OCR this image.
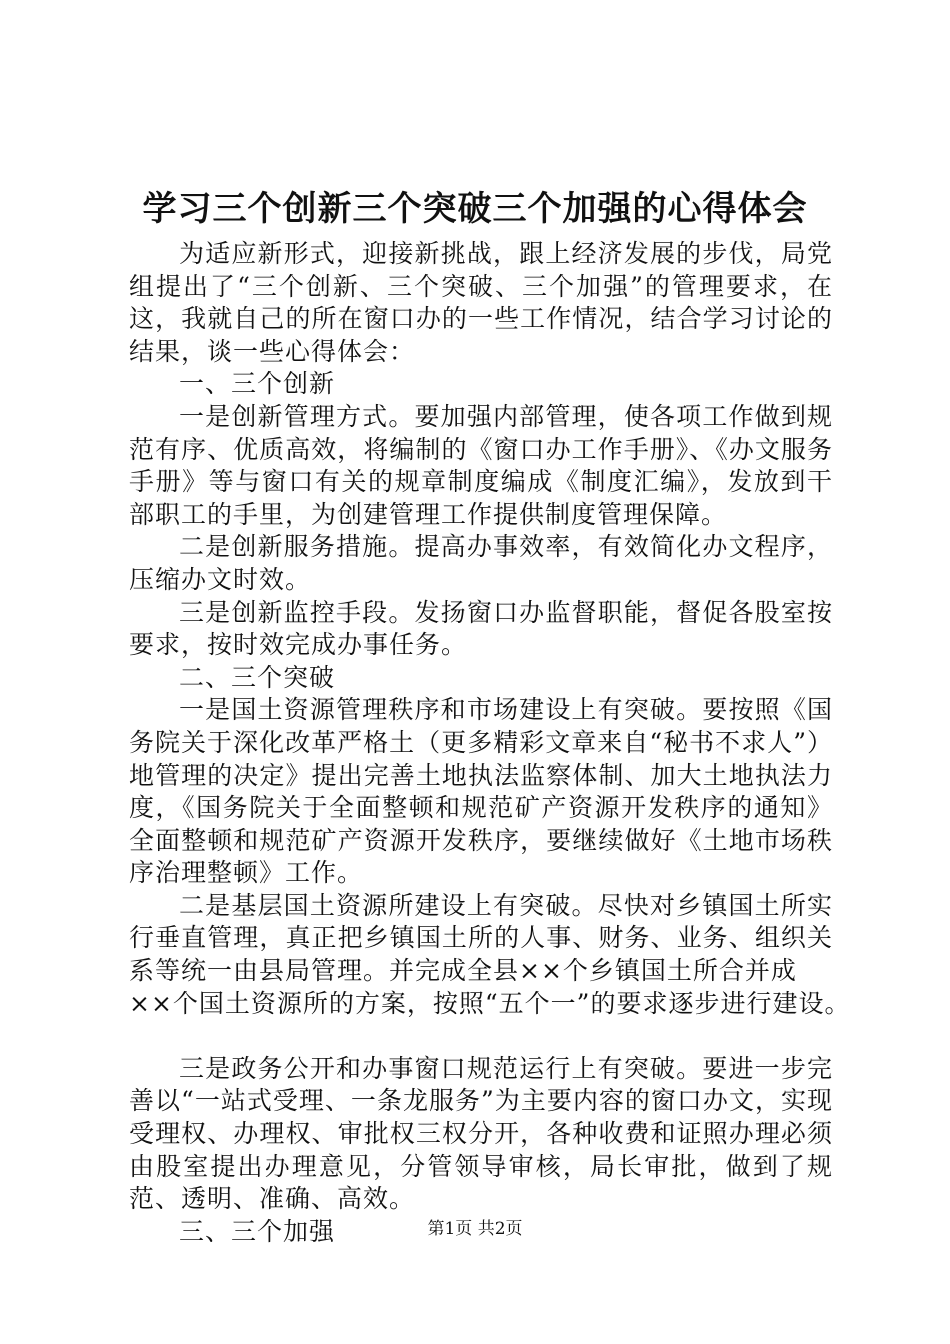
学习三个创新三个突破三个加强的心得体会

为适应新形式，迎接新挑战，跟上经济发展的步伐，局党组提出了“三个创新、三个突破、三个加强”的管理要求，在这，我就自己的所在窗口办的一些工作情况，结合学习讨论的结果，谈一些心得体会：

一、三个创新

一是创新管理方式。要加强内部管理，使各项工作做到规范有序、优质高效，将编制的《窗口办工作手册》、《办文服务手册》等与窗口有关的规章制度编成《制度汇编》，发放到干部职工的手里，为创建管理工作提供制度管理保障。

二是创新服务措施。提高办事效率，有效简化办文程序，压缩办文时效。

三是创新监控手段。发扬窗口办监督职能，督促各股室按要求，按时效完成办事任务。

二、三个突破

一是国土资源管理秩序和市场建设上有突破。要按照《国务院关于深化改革严格土（更多精彩文章来自“秘书不求人”）地管理的决定》提出完善土地执法监察体制、加大土地执法力度，《国务院关于全面整顿和规范矿产资源开发秩序的通知》全面整顿和规范矿产资源开发秩序，要继续做好《土地市场秩序治理整顿》工作。

二是基层国土资源所建设上有突破。尽快对乡镇国土所实行垂直管理，真正把乡镇国土所的人事、财务、业务、组织关系等统一由县局管理。并完成全县××个乡镇国土所合并成

××个国土资源所的方案，按照“五个一”的要求逐步进行建设。

三是政务公开和办事窗口规范运行上有突破。要进一步完善以“一站式受理、一条龙服务”为主要内容的窗口办文，实现受理权、办理权、审批权三权分开，各种收费和证照办理必须由股室提出办理意见，分管领导审核，局长审批，做到了规范、透明、准确、高效。

三、三个加强	第1页 共2页
